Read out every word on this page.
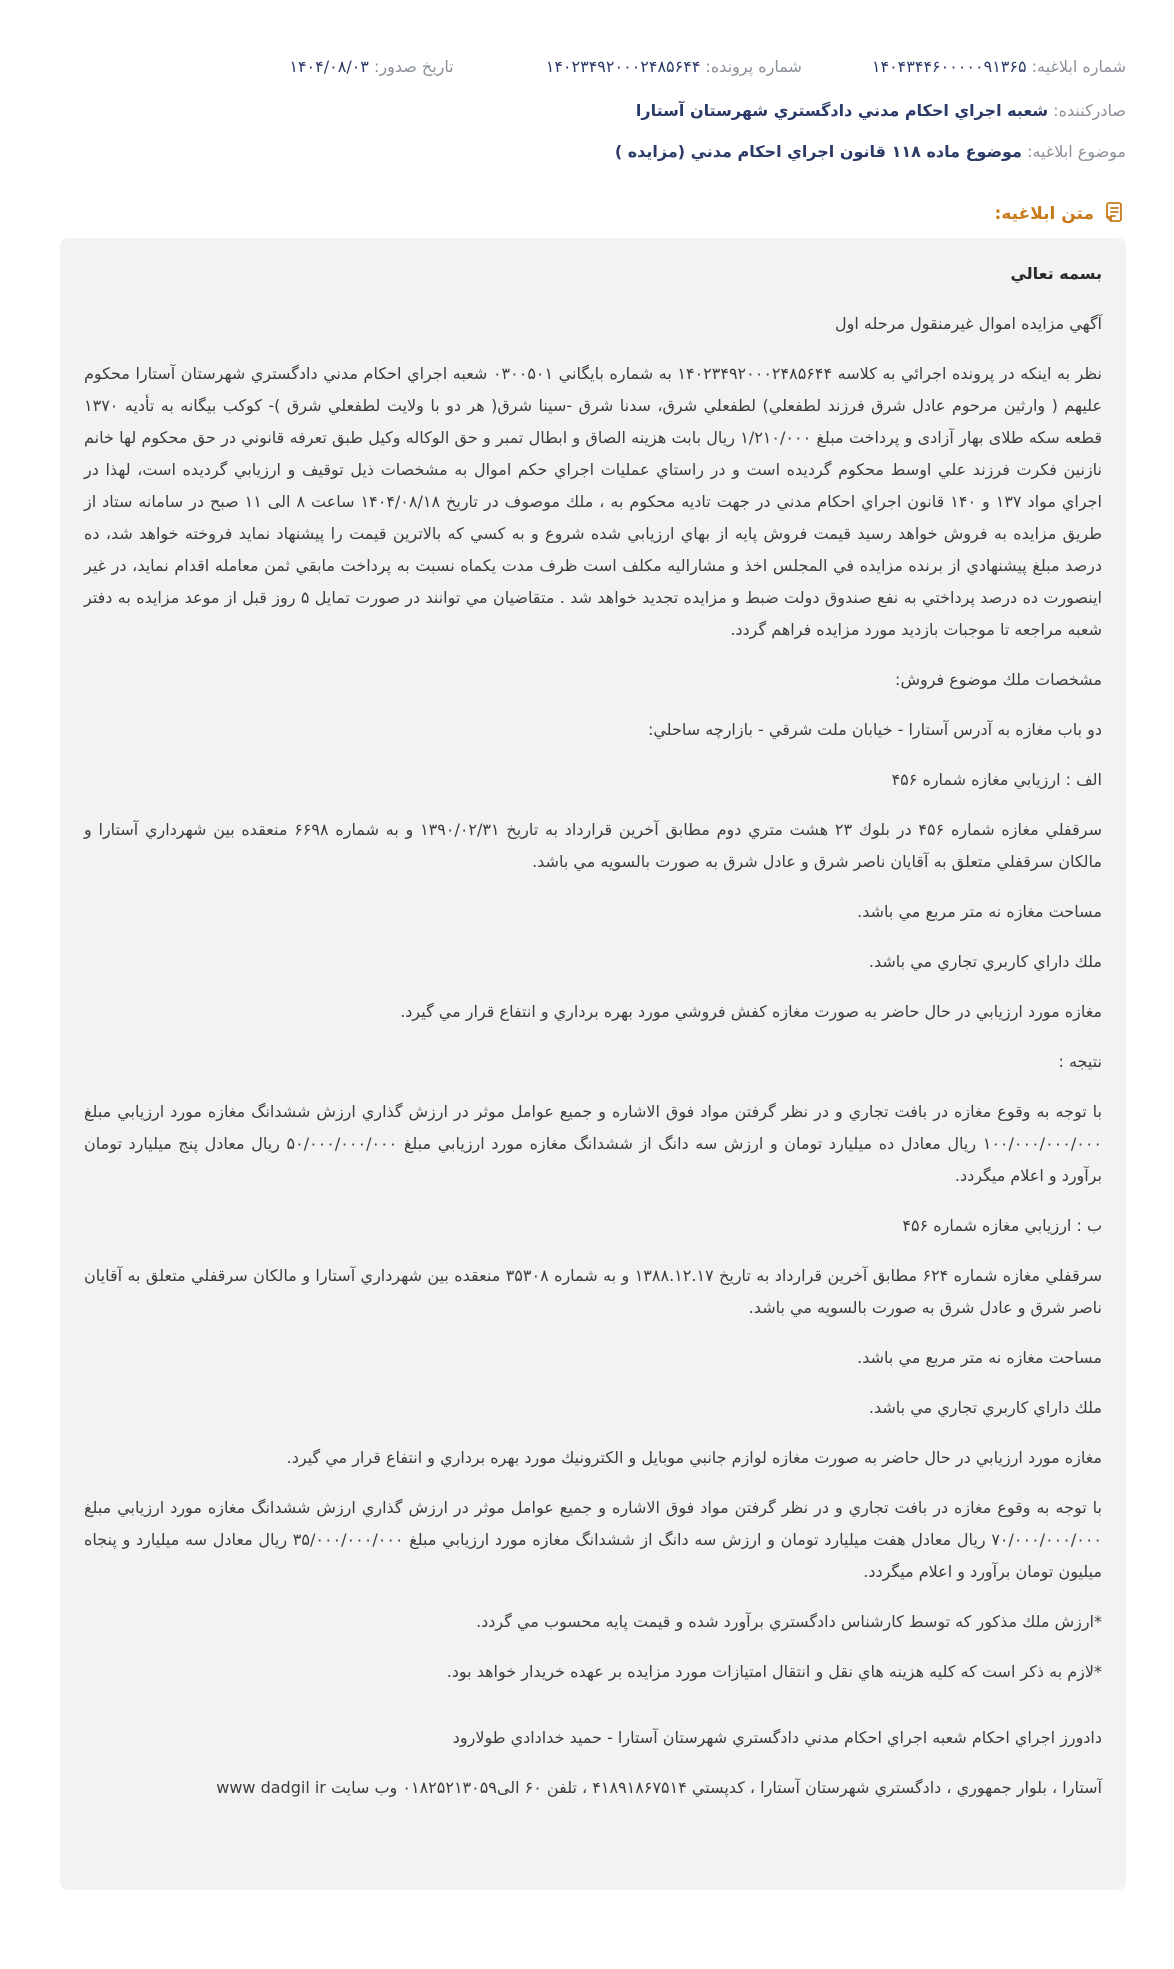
شماره ابلاغيه: ۱۴۰۴۳۴۴۶۰۰۰۰۰۹۱۳۶۵
شماره پرونده: ۱۴۰۲۳۴۹۲۰۰۰۲۴۸۵۶۴۴
تاريخ صدور: ۱۴۰۴/۰۸/۰۳
صادرکننده: شعبه اجراي احكام مدني دادگستري شهرستان آستارا
موضوع ابلاغيه: موضوع ماده ۱۱۸ قانون اجراي احکام مدني (مزايده )
متن ابلاغيه:

بسمه تعالي

آگهي مزايده اموال غيرمنقول مرحله اول

نظر به اينكه در پرونده اجرائي به كلاسه ۱۴۰۲۳۴۹۲۰۰۰۲۴۸۵۶۴۴ به شماره بايگاني ۰۳۰۰۵۰۱ شعبه اجراي احكام مدني دادگستري شهرستان آستارا محكوم عليهم ( وارثين مرحوم عادل شرق فرزند لطفعلي) لطفعلي شرق، سدنا شرق -سينا شرق( هر دو با ولايت لطفعلي شرق )- كوكب بيگانه به تأديه ۱۳۷۰ قطعه سکه طلای بهار آزادی و پرداخت مبلغ ۱/۲۱۰/۰۰۰ ريال بابت هزينه الصاق و ابطال تمبر و حق الوكاله وكيل طبق تعرفه قانوني در حق محكوم لها خانم نازنين فكرت فرزند علي اوسط محكوم گرديده است و در راستاي عمليات اجراي حكم اموال به مشخصات ذيل توقيف و ارزيابي گرديده است، لهذا در اجراي مواد ۱۳۷ و ۱۴۰ قانون اجراي احكام مدني در جهت تاديه محكوم به ، ملك موصوف در تاريخ ۱۴۰۴/۰۸/۱۸ ساعت ۸ الی ۱۱ صبح در سامانه ستاد از طريق مزايده به فروش خواهد رسيد قيمت فروش پايه از بهاي ارزيابي شده شروع و به كسي كه بالاترين قيمت را پيشنهاد نمايد فروخته خواهد شد، ده درصد مبلغ پيشنهادي از برنده مزايده في المجلس اخذ و مشاراليه مكلف است ظرف مدت يكماه نسبت به پرداخت مابقي ثمن معامله اقدام نمايد، در غير اينصورت ده درصد پرداختي به نفع صندوق دولت ضبط و مزايده تجديد خواهد شد . متقاضيان مي توانند در صورت تمايل ۵ روز قبل از موعد مزايده به دفتر شعبه مراجعه تا موجبات بازديد مورد مزايده فراهم گردد.

مشخصات ملك موضوع فروش:

دو باب مغازه به آدرس آستارا - خيابان ملت شرقي - بازارچه ساحلي:

الف : ارزيابي مغازه شماره ۴۵۶

سرقفلي مغازه شماره ۴۵۶ در بلوك ۲۳ هشت متري دوم مطابق آخرين قرارداد به تاريخ ۱۳۹۰/۰۲/۳۱ و به شماره ۶۶۹۸ منعقده بين شهرداري آستارا و مالكان سرقفلي متعلق به آقايان ناصر شرق و عادل شرق به صورت بالسويه مي باشد.

مساحت مغازه نه متر مربع مي باشد.

ملك داراي كاربري تجاري مي باشد.

مغازه مورد ارزيابي در حال حاضر به صورت مغازه كفش فروشي مورد بهره برداري و انتفاع قرار مي گيرد.

نتيجه :

با توجه به وقوع مغازه در بافت تجاري و در نظر گرفتن مواد فوق الاشاره و جميع عوامل موثر در ارزش گذاري ارزش ششدانگ مغازه مورد ارزيابي مبلغ ۱۰۰/۰۰۰/۰۰۰/۰۰۰ ريال معادل ده ميليارد تومان و ارزش سه دانگ از ششدانگ مغازه مورد ارزيابي مبلغ ۵۰/۰۰۰/۰۰۰/۰۰۰ ريال معادل پنج ميليارد تومان برآورد و اعلام ميگردد.

ب : ارزيابي مغازه شماره ۴۵۶

سرقفلي مغازه شماره ۶۲۴ مطابق آخرين قرارداد به تاريخ ۱۳۸۸.۱۲.۱۷ و به شماره ۳۵۳۰۸ منعقده بين شهرداري آستارا و مالكان سرقفلي متعلق به آقايان ناصر شرق و عادل شرق به صورت بالسويه مي باشد.

مساحت مغازه نه متر مربع مي باشد.

ملك داراي كاربري تجاري مي باشد.

مغازه مورد ارزيابي در حال حاضر به صورت مغازه لوازم جانبي موبايل و الكترونيك مورد بهره برداري و انتفاع قرار مي گيرد.

با توجه به وقوع مغازه در بافت تجاري و در نظر گرفتن مواد فوق الاشاره و جميع عوامل موثر در ارزش گذاري ارزش ششدانگ مغازه مورد ارزيابي مبلغ ۷۰/۰۰۰/۰۰۰/۰۰۰ ريال معادل هفت ميليارد تومان و ارزش سه دانگ از ششدانگ مغازه مورد ارزيابي مبلغ ۳۵/۰۰۰/۰۰۰/۰۰۰ ريال معادل سه ميليارد و پنجاه ميليون تومان برآورد و اعلام ميگردد.

*ارزش ملك مذكور كه توسط كارشناس دادگستري برآورد شده و قيمت پايه محسوب مي گردد.

*لازم به ذكر است كه كليه هزينه هاي نقل و انتقال امتيازات مورد مزايده بر عهده خريدار خواهد بود.

دادورز اجراي احكام شعبه اجراي احكام مدني دادگستري شهرستان آستارا - حميد خدادادي طولارود

آستارا ، بلوار جمهوري ، دادگستري شهرستان آستارا ، كدپستي ۴۱۸۹۱۸۶۷۵۱۴ ، تلفن ۶۰ الی۰۱۸۲۵۲۱۳۰۵۹ وب سايت www dadgil ir
